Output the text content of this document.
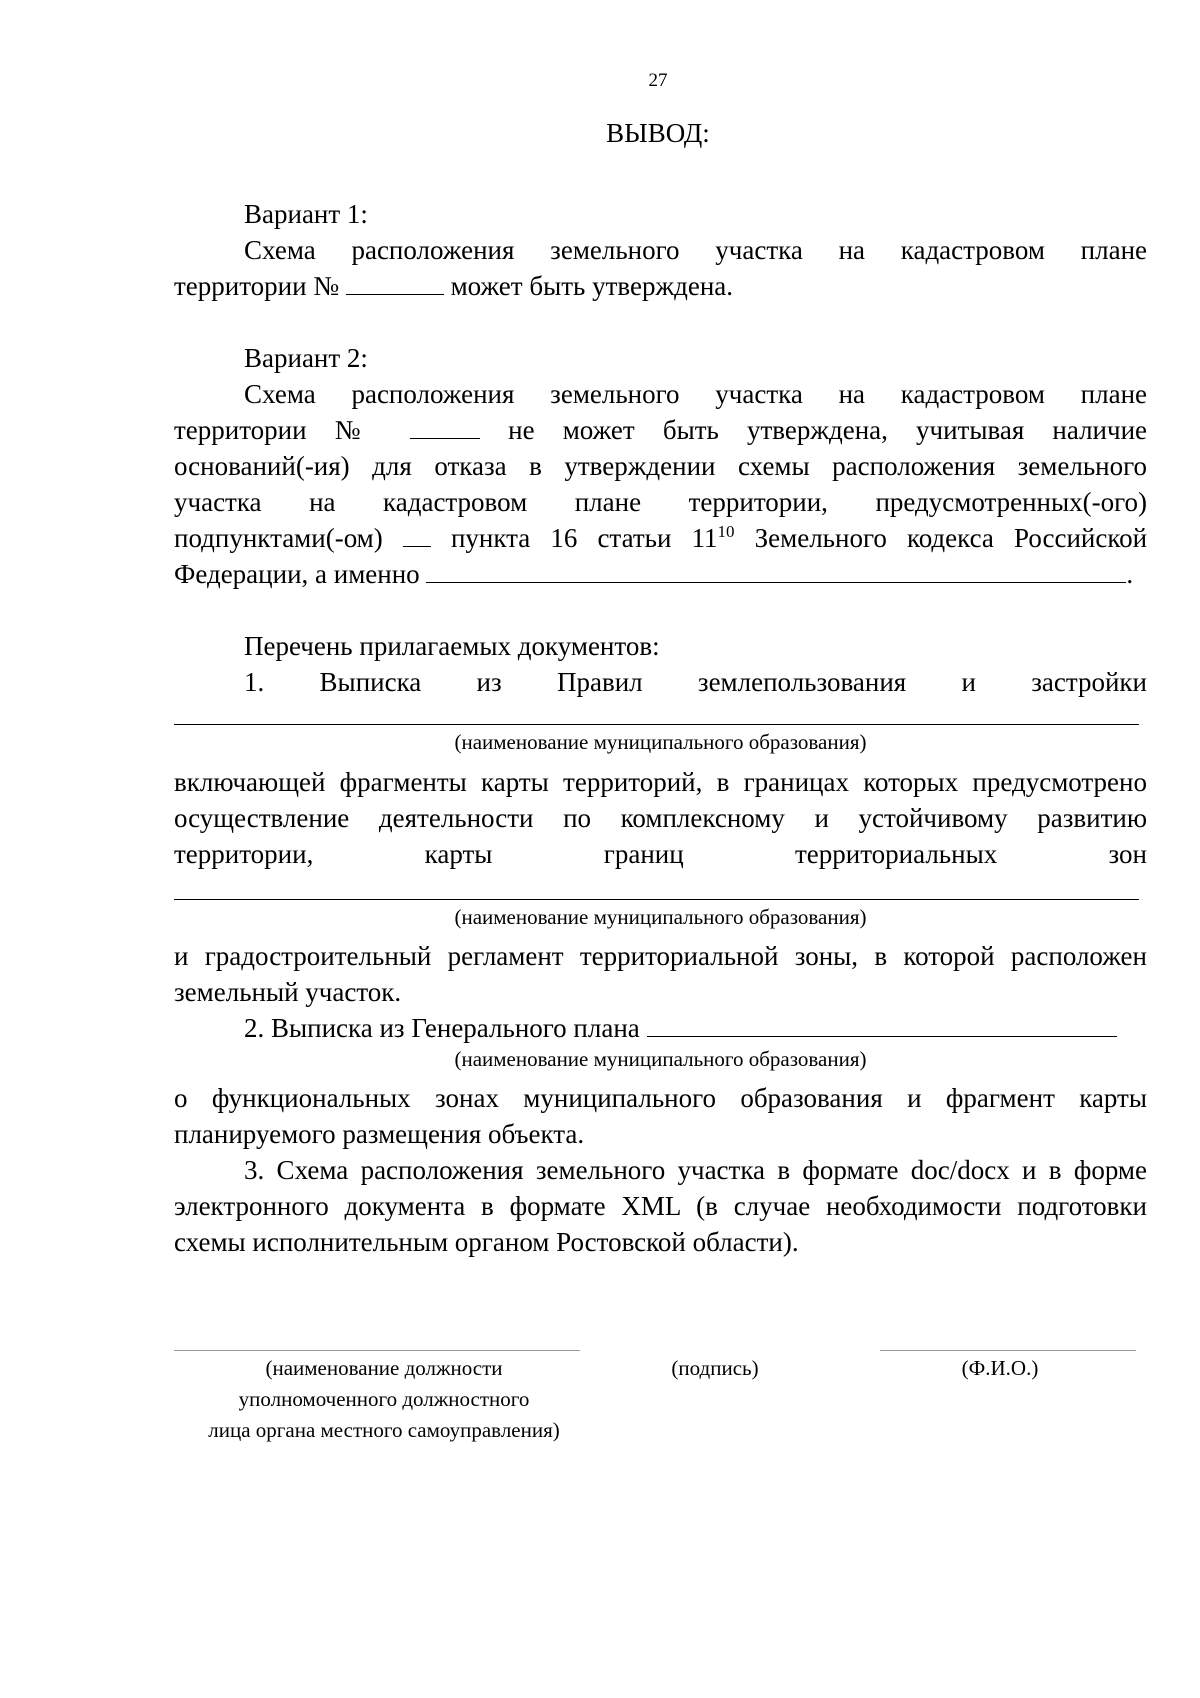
27
ВЫВОД:
Вариант 1:
Схема расположения земельного участка на кадастровом плане
территории №	может быть утверждена.
Вариант 2:
Схема расположения земельного участка на кадастровом плане
территории №	не может быть утверждена, учитывая наличие
оснований(-ия) для отказа в утверждении схемы расположения земельного
участка на кадастровом плане территории, предусмотренных(-ого)
подпунктами(-ом)	пункта 16 статьи $11^{10}$ Земельного кодекса Российской
Федерации, а именно	.
Перечень прилагаемых документов:
1. Выписка из Правил землепользования и застройки
(наименование муниципального образования)
включающей фрагменты карты территорий, в границах которых предусмотрено
осуществление деятельности по комплексному и устойчивому развитию
территории, карты границ территориальных зон
(наименование муниципального образования)
и градостроительный регламент территориальной зоны, в которой расположен
земельный участок.
2. Выписка из Генерального плана
(наименование муниципального образования)
о функциональных зонах муниципального образования и фрагмент карты
планируемого размещения объекта.
3. Схема расположения земельного участка в формате doc/docx и в форме
электронного документа в формате XML (в случае необходимости подготовки
схемы исполнительным органом Ростовской области).
(наименование должности
уполномоченного должностного
лица органа местного самоуправления)
(подпись)	(Ф.И.О.)
